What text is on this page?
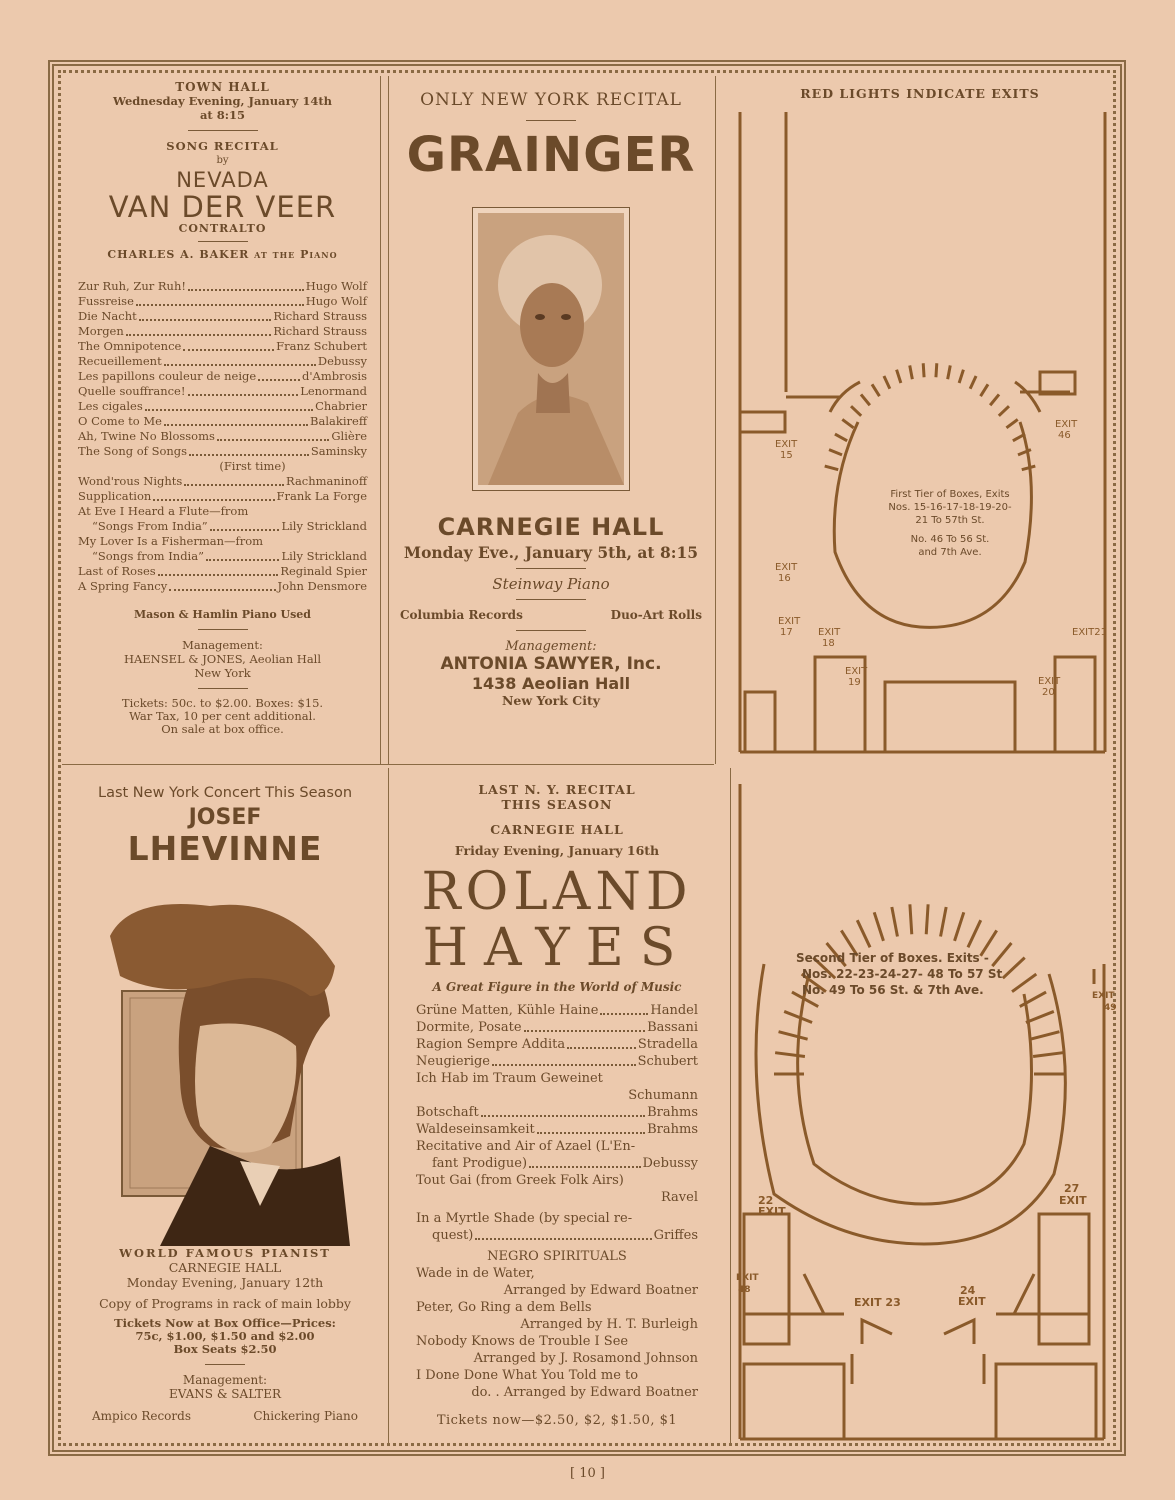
TOWN HALL
Wednesday Evening, January 14th
at 8:15
SONG RECITAL
by
NEVADA
VAN DER VEER
CONTRALTO
CHARLES A. BAKER at the Piano
Zur Ruh, Zur Ruh!	Hugo Wolf
Fussreise	Hugo Wolf
Die Nacht	Richard Strauss
Morgen	Richard Strauss
The Omnipotence	Franz Schubert
Recueillement	Debussy
Les papillons couleur de neige	d'Ambrosis
Quelle souffrance!	Lenormand
Les cigales	Chabrier
O Come to Me	Balakireff
Ah, Twine No Blossoms	Glière
The Song of Songs	Saminsky
(First time)
Wond'rous Nights	Rachmaninoff
Supplication	Frank La Forge
At Eve I Heard a Flute—from
“Songs From India”	Lily Strickland
My Lover Is a Fisherman—from
“Songs from India”	Lily Strickland
Last of Roses	Reginald Spier
A Spring Fancy	John Densmore
Mason & Hamlin Piano Used
Management:
HAENSEL & JONES, Aeolian Hall
New York
Tickets: 50c. to $2.00. Boxes: $15.
War Tax, 10 per cent additional.
On sale at box office.
ONLY NEW YORK RECITAL
GRAINGER
CARNEGIE HALL
Monday Eve., January 5th, at 8:15
Steinway Piano
Columbia Records	Duo-Art Rolls
Management:
ANTONIA SAWYER, Inc.
1438 Aeolian Hall
New York City
RED LIGHTS INDICATE EXITS
EXIT
15
EXIT
16
EXIT
17	EXIT
18
EXIT
19	EXIT
20
EXIT21
EXIT
46
First Tier of Boxes, Exits
Nos. 15-16-17-18-19-20-
21 To 57th St.
No. 46 To 56 St.
and 7th Ave.
Last New York Concert This Season
JOSEF
LHEVINNE
WORLD FAMOUS PIANIST
CARNEGIE HALL
Monday Evening, January 12th
Copy of Programs in rack of main lobby
Tickets Now at Box Office—Prices:
75c, $1.00, $1.50 and $2.00
Box Seats $2.50
Management:
EVANS & SALTER
Ampico Records	Chickering Piano
LAST N. Y. RECITAL
THIS SEASON
CARNEGIE HALL
Friday Evening, January 16th
ROLAND
HAYES
A Great Figure in the World of Music
Grüne Matten, Kühle Haine	Handel
Dormite, Posate	Bassani
Ragion Sempre Addita	Stradella
Neugierige	Schubert
Ich Hab im Traum Geweinet
Schumann
Botschaft	Brahms
Waldeseinsamkeit	Brahms
Recitative and Air of Azael (L'En-
fant Prodigue)	Debussy
Tout Gai (from Greek Folk Airs)
Ravel
In a Myrtle Shade (by special re-
quest)	Griffes
NEGRO SPIRITUALS
Wade in de Water,
Arranged by Edward Boatner
Peter, Go Ring a dem Bells
Arranged by H. T. Burleigh
Nobody Knows de Trouble I See
Arranged by J. Rosamond Johnson
I Done Done What You Told me to
do. . Arranged by Edward Boatner
Tickets now—$2.50, $2, $1.50, $1
EXIT
49
22
EXIT
27
EXIT
EXIT
48
EXIT 23
24
EXIT
Second Tier of Boxes. Exits -
Nos. 22-23-24-27- 48 To 57 St
No. 49 To 56 St. & 7th Ave.
[ 10 ]
